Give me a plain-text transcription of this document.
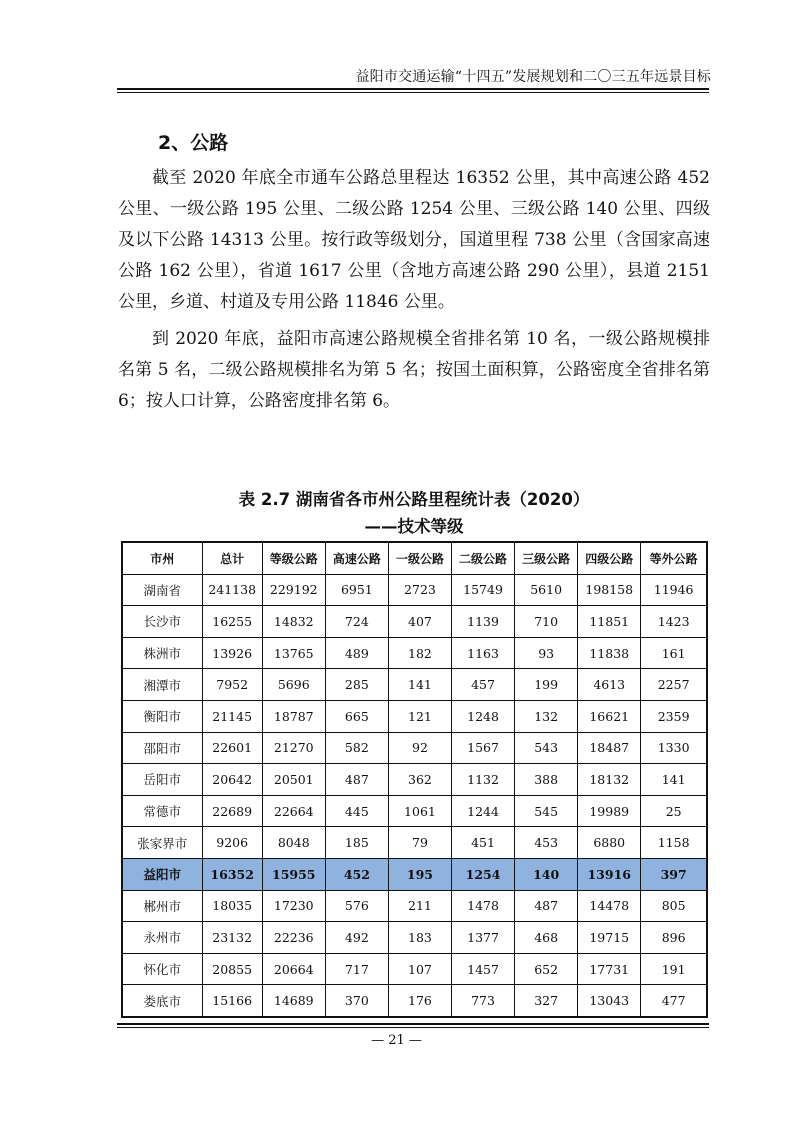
益阳市交通运输“十四五”发展规划和二〇三五年远景目标
2、公路

截至 2020 年底全市通车公路总里程达 16352 公里，其中高速公路 452 公里、一级公路 195 公里、二级公路 1254 公里、三级公路 140 公里、四级及以下公路 14313 公里。按行政等级划分，国道里程 738 公里（含国家高速公路 162 公里），省道 1617 公里（含地方高速公路 290 公里），县道 2151 公里，乡道、村道及专用公路 11846 公里。

到 2020 年底，益阳市高速公路规模全省排名第 10 名，一级公路规模排名第 5 名，二级公路规模排名为第 5 名；按国土面积算，公路密度全省排名第 6；按人口计算，公路密度排名第 6。

表 2.7 湖南省各市州公路里程统计表（2020）
——技术等级
市州	总计	等级公路	高速公路	一级公路	二级公路	三级公路	四级公路	等外公路
湖南省	241138	229192	6951	2723	15749	5610	198158	11946
长沙市	16255	14832	724	407	1139	710	11851	1423
株洲市	13926	13765	489	182	1163	93	11838	161
湘潭市	7952	5696	285	141	457	199	4613	2257
衡阳市	21145	18787	665	121	1248	132	16621	2359
邵阳市	22601	21270	582	92	1567	543	18487	1330
岳阳市	20642	20501	487	362	1132	388	18132	141
常德市	22689	22664	445	1061	1244	545	19989	25
张家界市	9206	8048	185	79	451	453	6880	1158
益阳市	16352	15955	452	195	1254	140	13916	397
郴州市	18035	17230	576	211	1478	487	14478	805
永州市	23132	22236	492	183	1377	468	19715	896
怀化市	20855	20664	717	107	1457	652	17731	191
娄底市	15166	14689	370	176	773	327	13043	477
— 21 —
